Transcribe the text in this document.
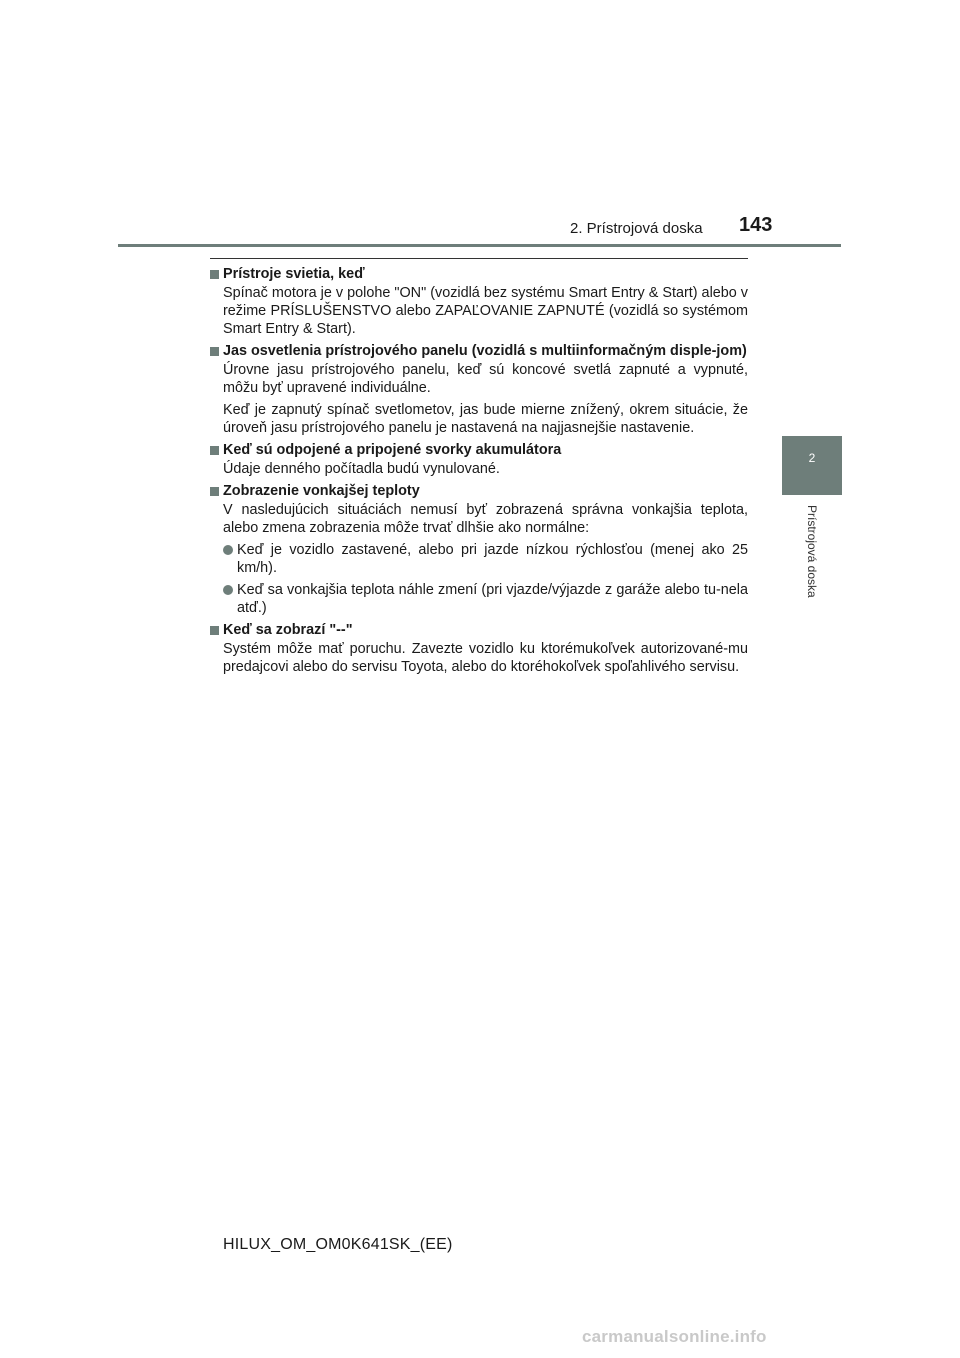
2. Prístrojová doska 143
2
Prístrojová doska
Prístroje svietia, keď
Spínač motora je v polohe "ON" (vozidlá bez systému Smart Entry & Start) alebo v režime PRÍSLUŠENSTVO alebo ZAPAĽOVANIE ZAPNUTÉ (vozidlá so systémom Smart Entry & Start).
Jas osvetlenia prístrojového panelu (vozidlá s multiinformačným disple-jom)
Úrovne jasu prístrojového panelu, keď sú koncové svetlá zapnuté a vypnuté, môžu byť upravené individuálne.
Keď je zapnutý spínač svetlometov, jas bude mierne znížený, okrem situácie, že úroveň jasu prístrojového panelu je nastavená na najjasnejšie nastavenie.
Keď sú odpojené a pripojené svorky akumulátora
Údaje denného počítadla budú vynulované.
Zobrazenie vonkajšej teploty
V nasledujúcich situáciách nemusí byť zobrazená správna vonkajšia teplota, alebo zmena zobrazenia môže trvať dlhšie ako normálne:
Keď je vozidlo zastavené, alebo pri jazde nízkou rýchlosťou (menej ako 25 km/h).
Keď sa vonkajšia teplota náhle zmení (pri vjazde/výjazde z garáže alebo tu-nela atď.)
Keď sa zobrazí "--"
Systém môže mať poruchu. Zavezte vozidlo ku ktorémukoľvek autorizované-mu predajcovi alebo do servisu Toyota, alebo do ktoréhokoľvek spoľahlivého servisu.
HILUX_OM_OM0K641SK_(EE)
carmanualsonline.info
